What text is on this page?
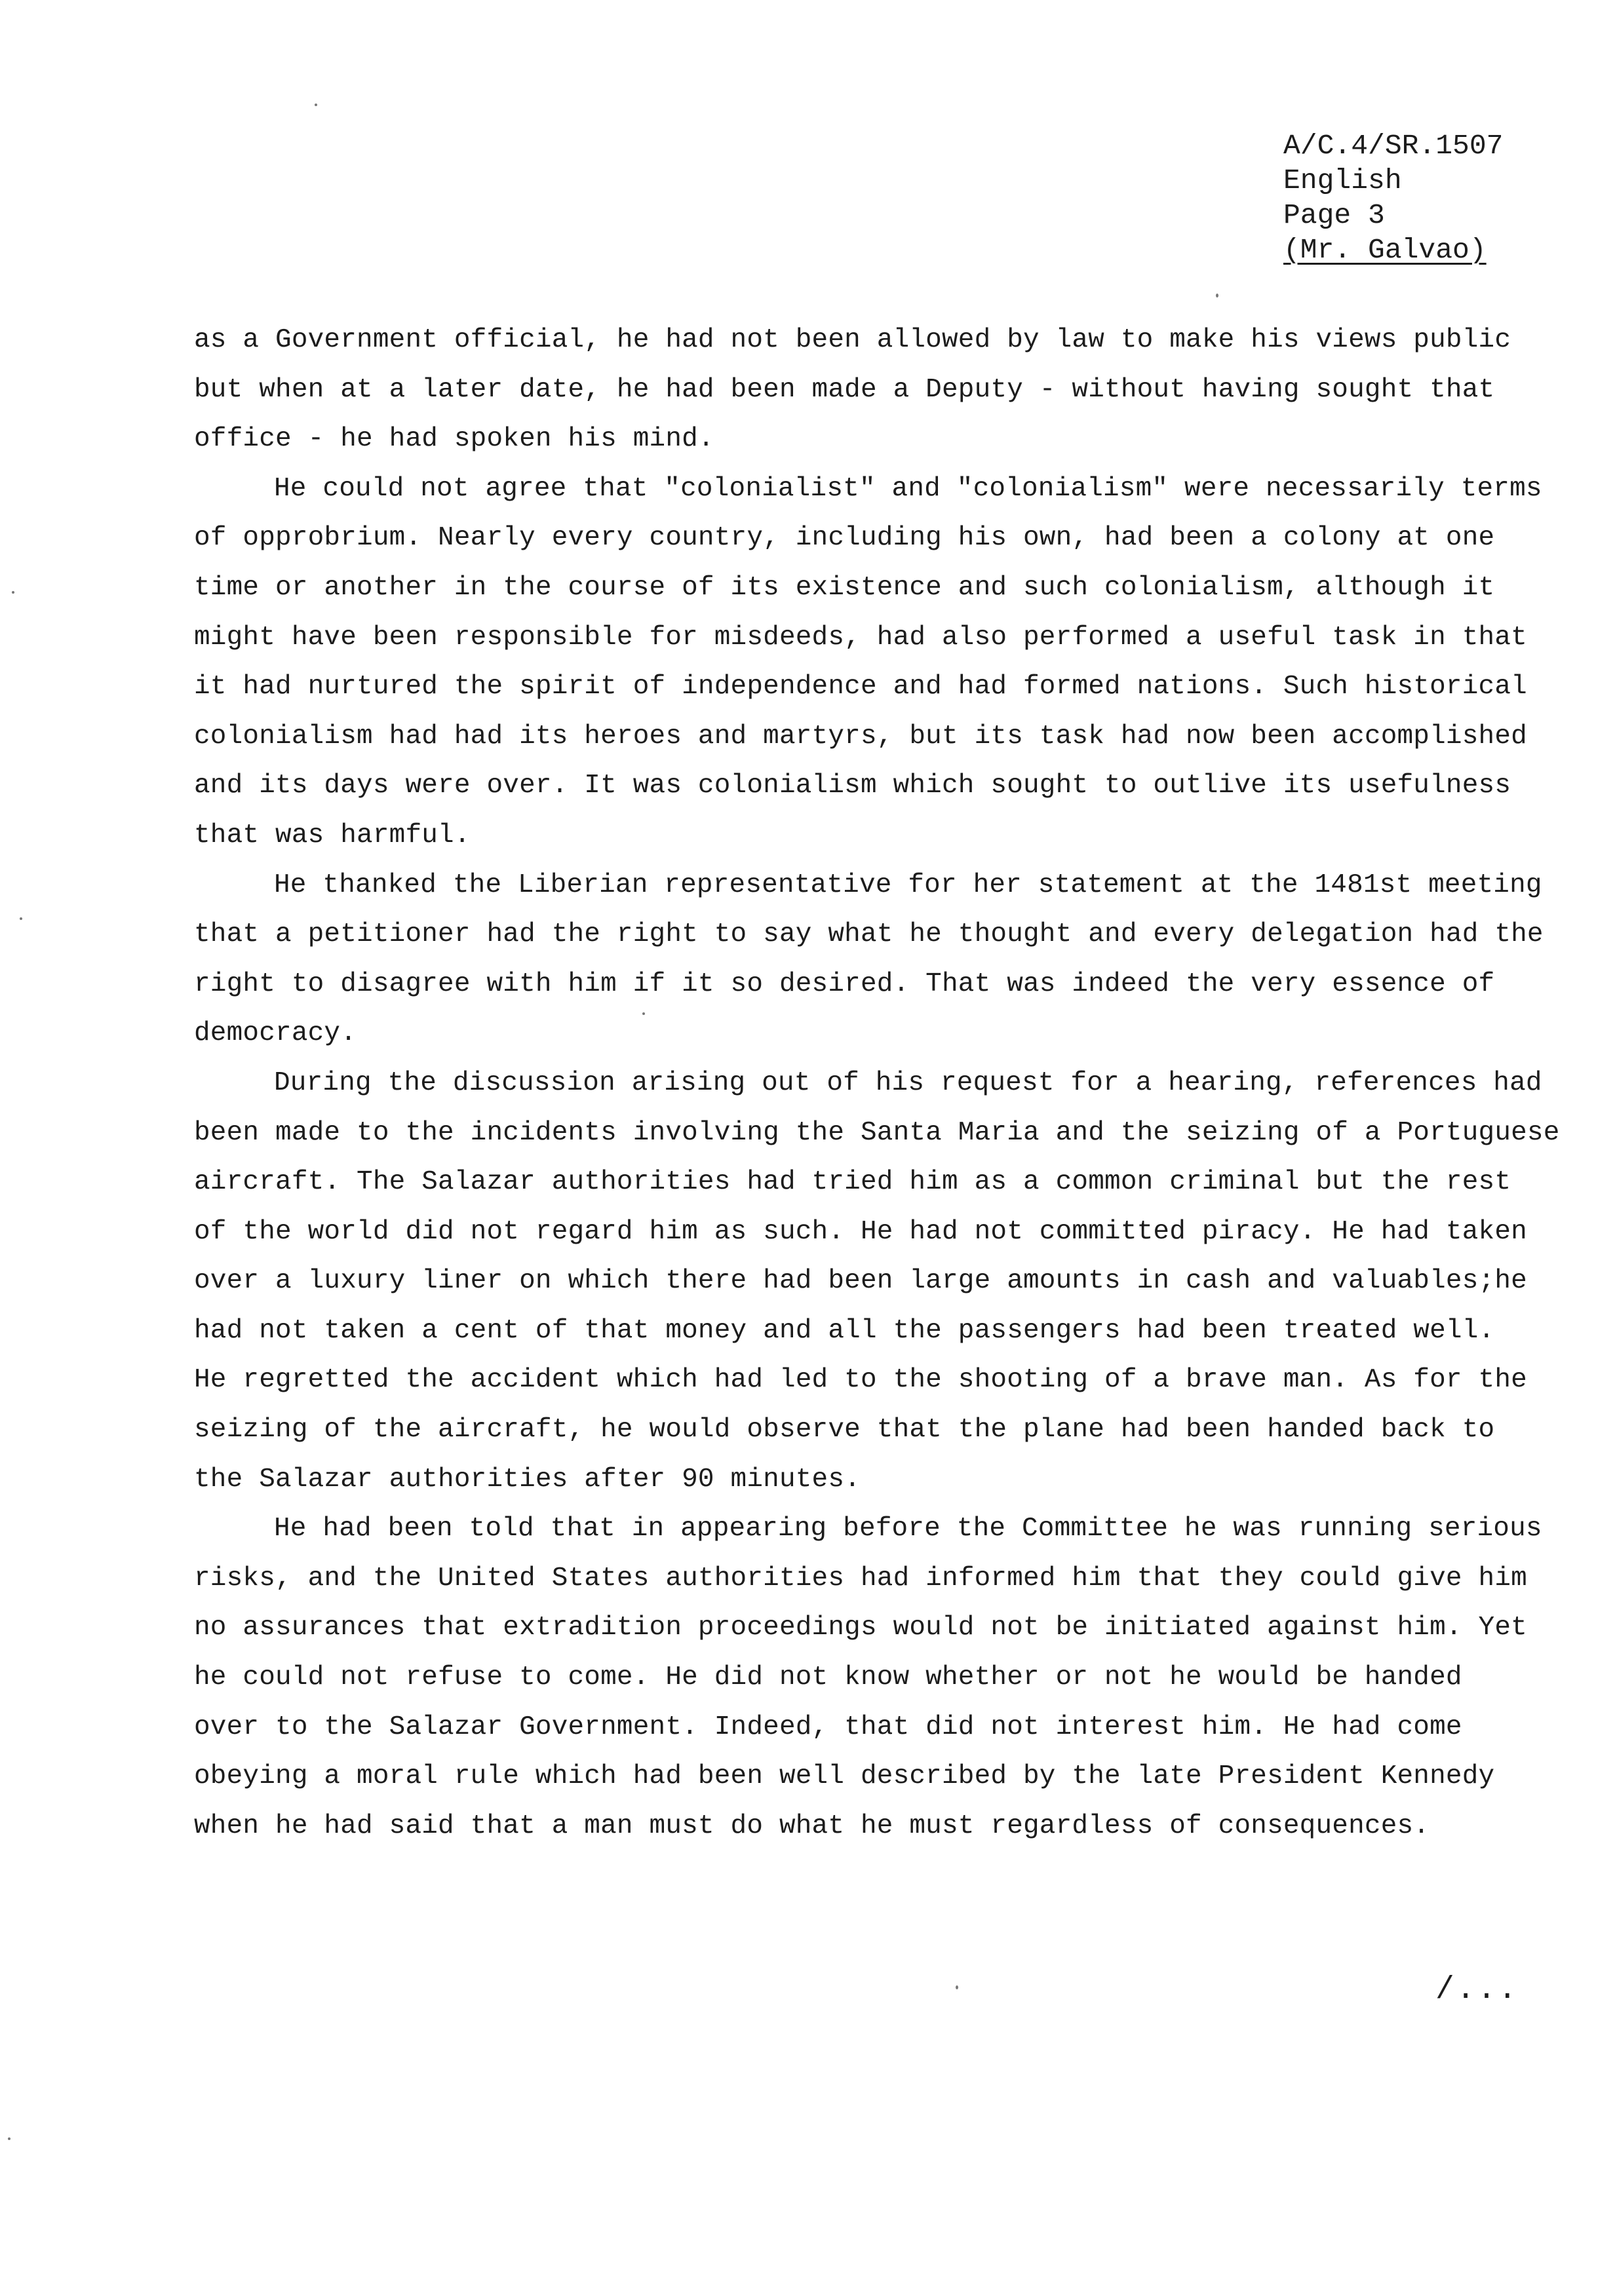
A/C.4/SR.1507
English
Page 3
(Mr. Galvao)
as a Government official, he had not been allowed by law to make his views public
but when at a later date, he had been made a Deputy - without having sought that
office - he had spoken his mind.
He could not agree that "colonialist" and "colonialism" were necessarily terms
of opprobrium. Nearly every country, including his own, had been a colony at one
time or another in the course of its existence and such colonialism, although it
might have been responsible for misdeeds, had also performed a useful task in that
it had nurtured the spirit of independence and had formed nations. Such historical
colonialism had had its heroes and martyrs, but its task had now been accomplished
and its days were over. It was colonialism which sought to outlive its usefulness
that was harmful.
He thanked the Liberian representative for her statement at the 1481st meeting
that a petitioner had the right to say what he thought and every delegation had the
right to disagree with him if it so desired. That was indeed the very essence of
democracy.
During the discussion arising out of his request for a hearing, references had
been made to the incidents involving the Santa Maria and the seizing of a Portuguese
aircraft. The Salazar authorities had tried him as a common criminal but the rest
of the world did not regard him as such. He had not committed piracy. He had taken
over a luxury liner on which there had been large amounts in cash and valuables;he
had not taken a cent of that money and all the passengers had been treated well.
He regretted the accident which had led to the shooting of a brave man. As for the
seizing of the aircraft, he would observe that the plane had been handed back to
the Salazar authorities after 90 minutes.
He had been told that in appearing before the Committee he was running serious
risks, and the United States authorities had informed him that they could give him
no assurances that extradition proceedings would not be initiated against him. Yet
he could not refuse to come. He did not know whether or not he would be handed
over to the Salazar Government. Indeed, that did not interest him. He had come
obeying a moral rule which had been well described by the late President Kennedy
when he had said that a man must do what he must regardless of consequences.
/...
